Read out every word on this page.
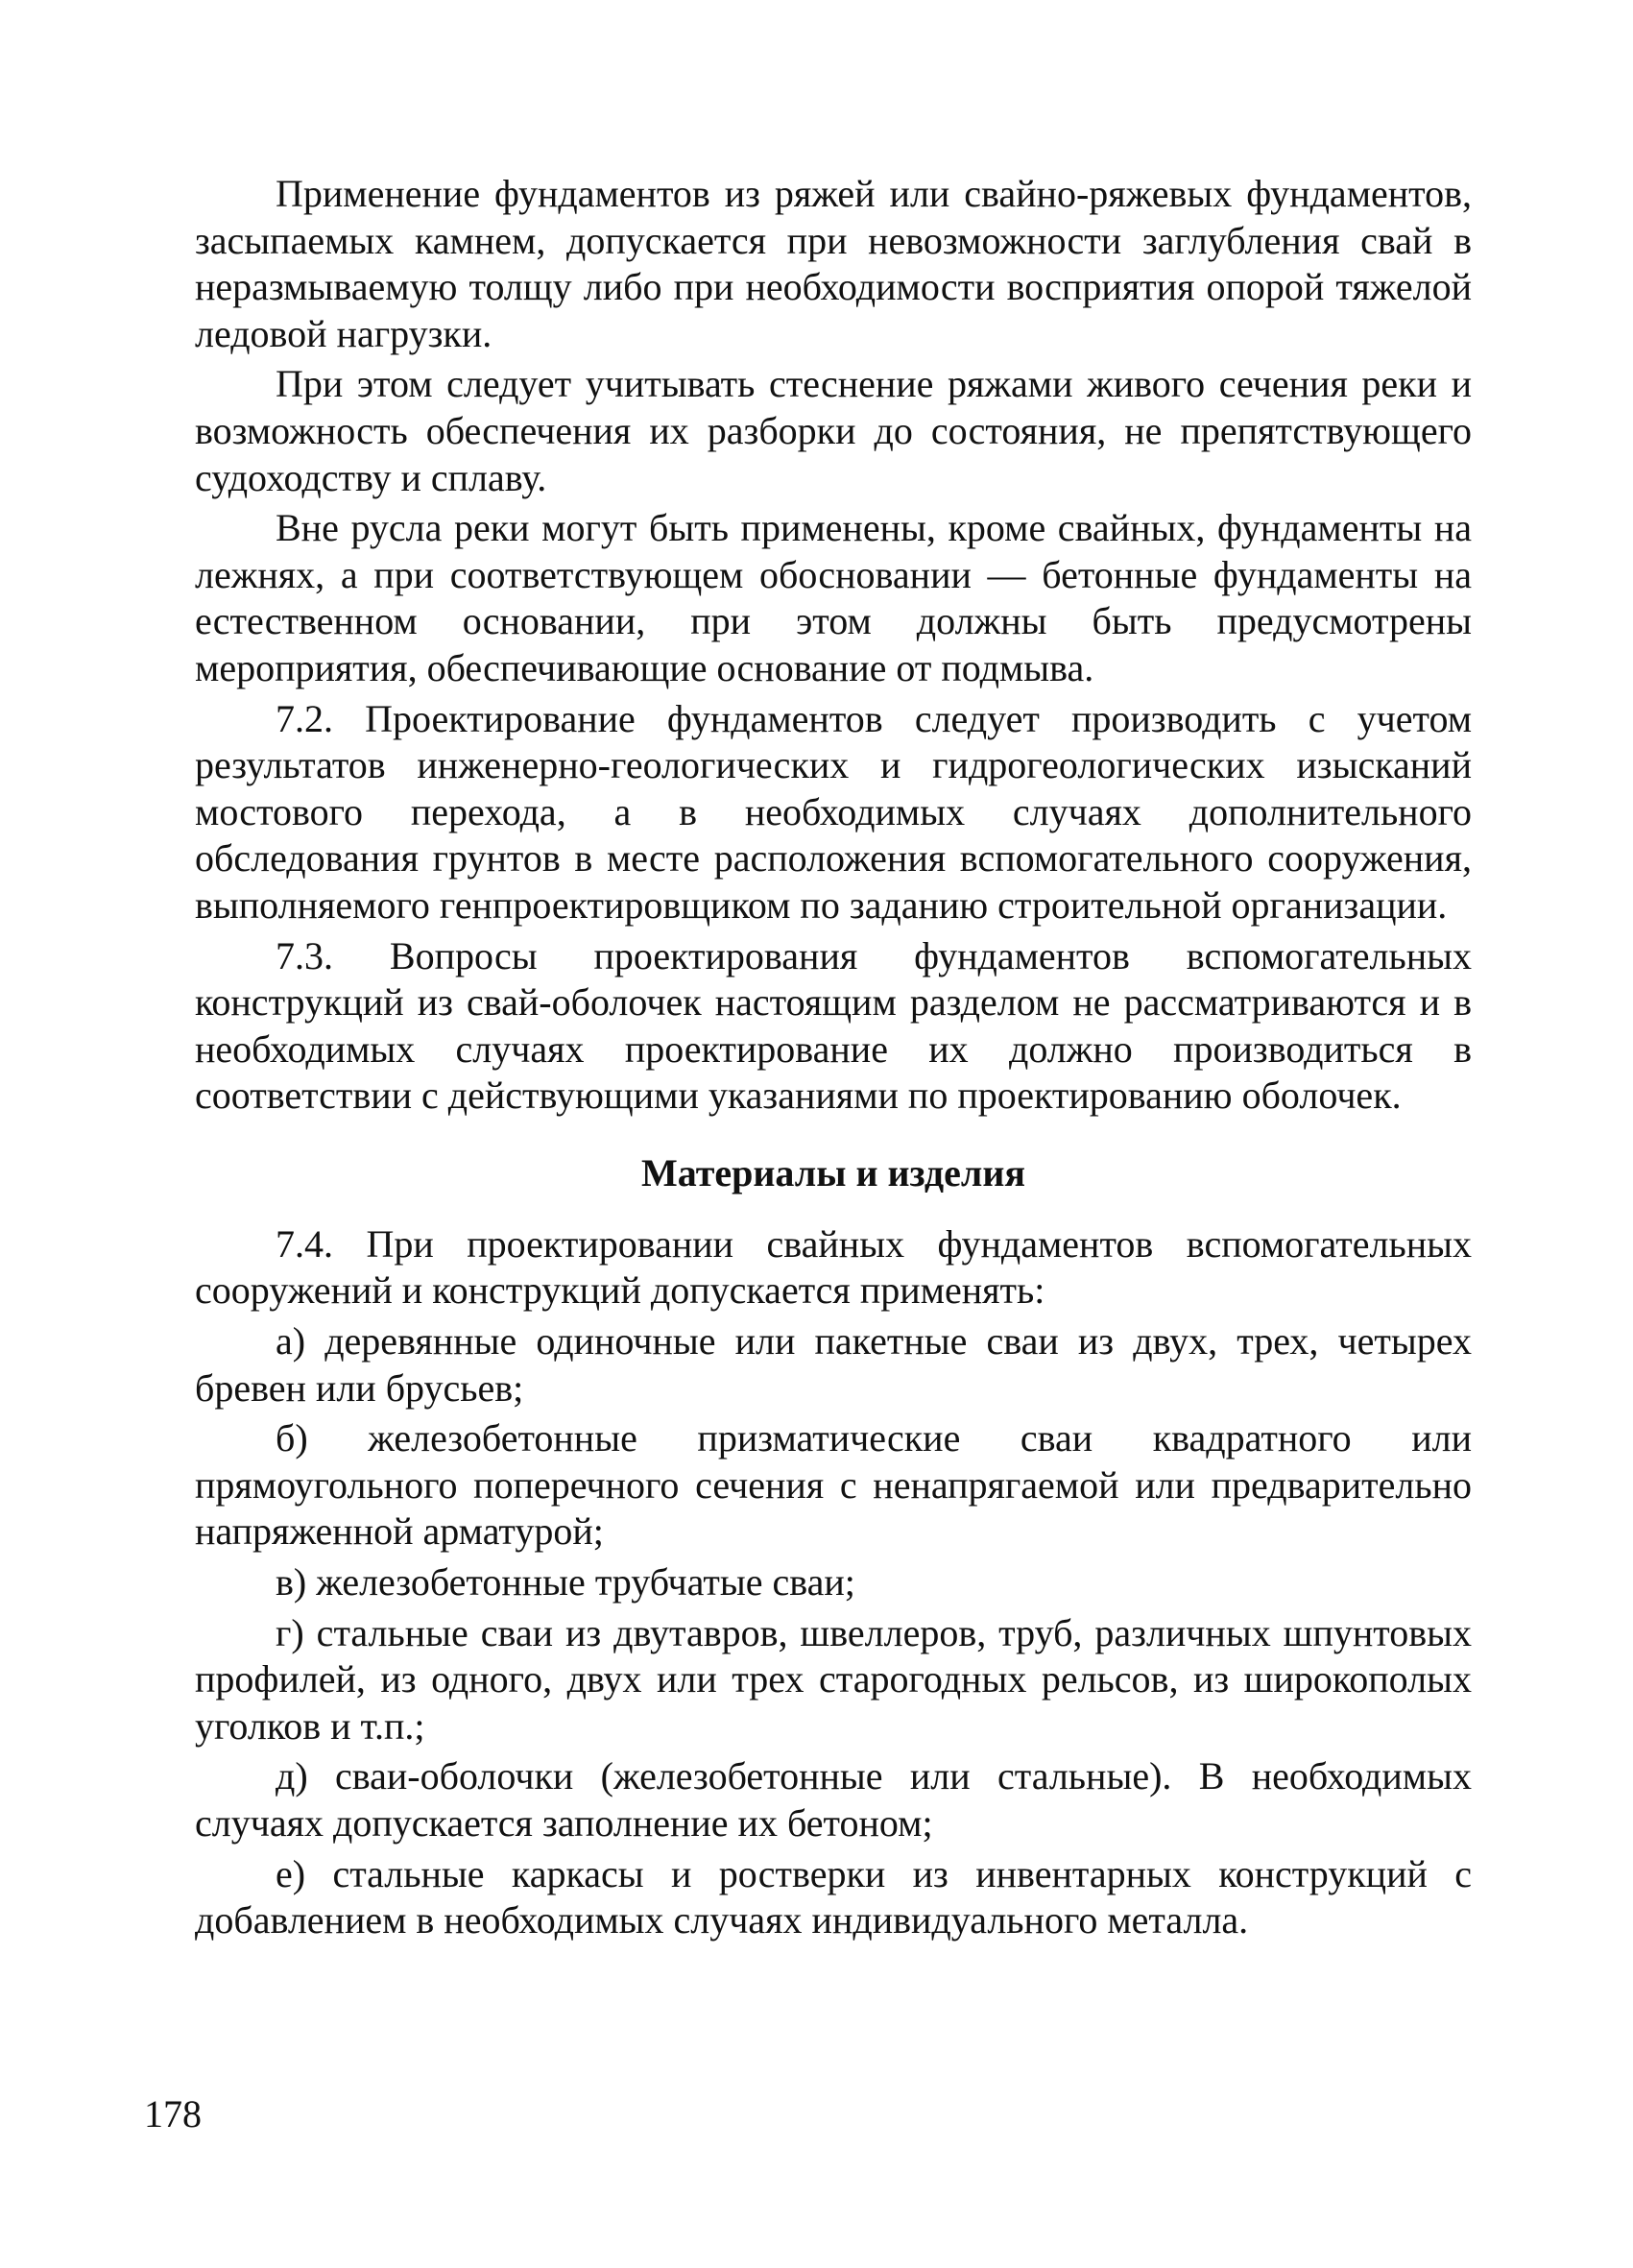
Применение фундаментов из ряжей или свайно-ряжевых фундаментов, засыпаемых камнем, допускается при невозможности заглубления свай в неразмываемую толщу либо при необходимости восприятия опорой тяжелой ледовой нагрузки.

При этом следует учитывать стеснение ряжами живого сечения реки и возможность обеспечения их разборки до состояния, не препятствующего судоходству и сплаву.

Вне русла реки могут быть применены, кроме свайных, фундаменты на лежнях, а при соответствующем обосновании — бетонные фундаменты на естественном основании, при этом должны быть предусмотрены мероприятия, обеспечивающие основание от подмыва.

7.2. Проектирование фундаментов следует производить с учетом результатов инженерно-геологических и гидрогеологических изысканий мостового перехода, а в необходимых случаях дополнительного обследования грунтов в месте расположения вспомогательного сооружения, выполняемого генпроектировщиком по заданию строительной организации.

7.3. Вопросы проектирования фундаментов вспомогательных конструкций из свай-оболочек настоящим разделом не рассматриваются и в необходимых случаях проектирование их должно производиться в соответствии с действующими указаниями по проектированию оболочек.

Материалы и изделия

7.4. При проектировании свайных фундаментов вспомогательных сооружений и конструкций допускается применять:

а) деревянные одиночные или пакетные сваи из двух, трех, четырех бревен или брусьев;

б) железобетонные призматические сваи квадратного или прямоугольного поперечного сечения с ненапрягаемой или предварительно напряженной арматурой;

в) железобетонные трубчатые сваи;

г) стальные сваи из двутавров, швеллеров, труб, различных шпунтовых профилей, из одного, двух или трех старогодных рельсов, из широкополых уголков и т.п.;

д) сваи-оболочки (железобетонные или стальные). В необходимых случаях допускается заполнение их бетоном;

е) стальные каркасы и ростверки из инвентарных конструкций с добавлением в необходимых случаях индивидуального металла.

178
